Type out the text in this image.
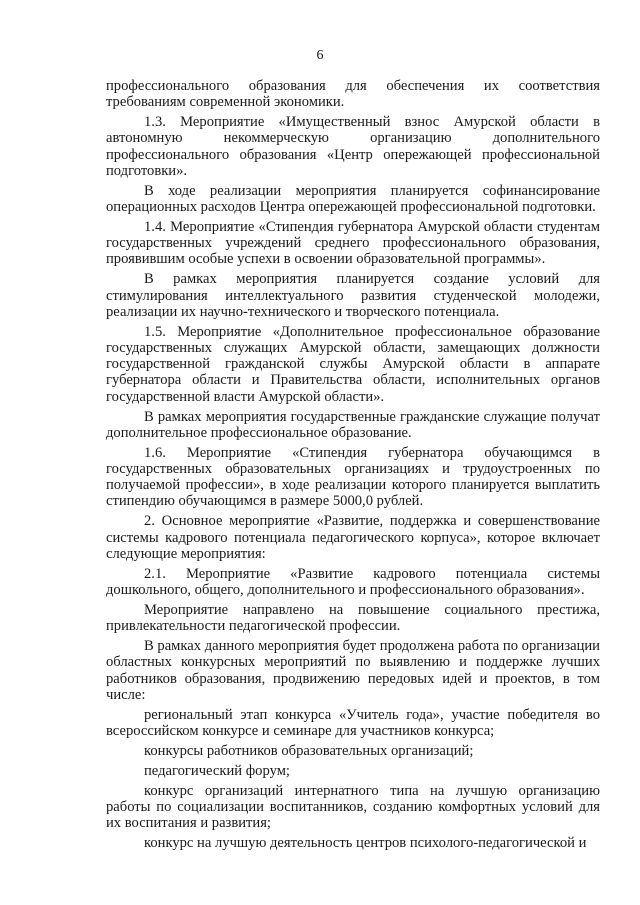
6

профессионального образования для обеспечения их соответствия требованиям современной экономики.

1.3. Мероприятие «Имущественный взнос Амурской области в автономную некоммерческую организацию дополнительного профессионального образования «Центр опережающей профессиональной подготовки».

В ходе реализации мероприятия планируется софинансирование операционных расходов Центра опережающей профессиональной подготовки.

1.4. Мероприятие «Стипендия губернатора Амурской области студентам государственных учреждений среднего профессионального образования, проявившим особые успехи в освоении образовательной программы».

В рамках мероприятия планируется создание условий для стимулирования интеллектуального развития студенческой молодежи, реализации их научно-технического и творческого потенциала.

1.5. Мероприятие «Дополнительное профессиональное образование государственных служащих Амурской области, замещающих должности государственной гражданской службы Амурской области в аппарате губернатора области и Правительства области, исполнительных органов государственной власти Амурской области».

В рамках мероприятия государственные гражданские служащие получат дополнительное профессиональное образование.

1.6. Мероприятие «Стипендия губернатора обучающимся в государственных образовательных организациях и трудоустроенных по получаемой профессии», в ходе реализации которого планируется выплатить стипендию обучающимся в размере 5000,0 рублей.

2. Основное мероприятие «Развитие, поддержка и совершенствование системы кадрового потенциала педагогического корпуса», которое включает следующие мероприятия:

2.1. Мероприятие «Развитие кадрового потенциала системы дошкольного, общего, дополнительного и профессионального образования».

Мероприятие направлено на повышение социального престижа, привлекательности педагогической профессии.

В рамках данного мероприятия будет продолжена работа по организации областных конкурсных мероприятий по выявлению и поддержке лучших работников образования, продвижению передовых идей и проектов, в том числе:

региональный этап конкурса «Учитель года», участие победителя во всероссийском конкурсе и семинаре для участников конкурса;

конкурсы работников образовательных организаций;

педагогический форум;

конкурс организаций интернатного типа на лучшую организацию работы по социализации воспитанников, созданию комфортных условий для их воспитания и развития;

конкурс на лучшую деятельность центров психолого-педагогической и
